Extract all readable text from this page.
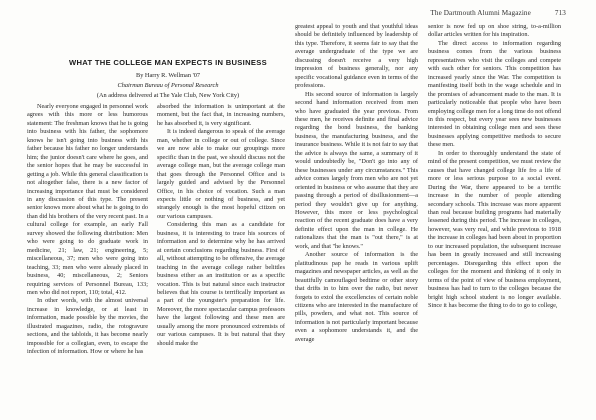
The Dartmouth Alumni Magazine	713
WHAT THE COLLEGE MAN EXPECTS IN BUSINESS
By Harry R. Wellman '07
Chairman Bureau of Personal Research
(An address delivered at The Yale Club, New York City)

Nearly everyone engaged in personnel work agrees with this more or less humorous statement: The freshman knows that he is going into business with his father, the sophomore knows he isn't going into business with his father because his father no longer understands him; the junior doesn't care where he goes, and the senior hopes that he may be successful in getting a job. While this general classification is not altogether false, there is a new factor of increasing importance that must be considered in any discussion of this type. The present senior knows more about what he is going to do than did his brothers of the very recent past. In a cultural college for example, an early Fall survey showed the following distribution: Men who were going to do graduate work in medicine, 21; law, 21; engineering, 5; miscellaneous, 37; men who were going into teaching, 33; men who were already placed in business, 40; miscellaneous, 2; Seniors requiring services of Personnel Bureau, 133; men who did not report, 110; total, 412.

In other words, with the almost universal increase in knowledge, or at least in information, made possible by the movies, the illustrated magazines, radio, the rotogravure sections, and the tabloids, it has become nearly impossible for a collegian, even, to escape the infection of information. How or where he has

absorbed the information is unimportant at the moment, but the fact that, in increasing numbers, he has absorbed it, is very significant.

It is indeed dangerous to speak of the average man, whether in college or out of college. Since we are now able to make our groupings more specific than in the past, we should discuss not the average college man, but the average college man that goes through the Personnel Office and is largely guided and advised by the Personnel Office, in his choice of vocation. Such a man expects little or nothing of business, and yet strangely enough is the most hopeful citizen on our various campuses.

Considering this man as a candidate for business, it is interesting to trace his sources of information and to determine why he has arrived at certain conclusions regarding business. First of all, without attempting to be offensive, the average teaching in the average college rather belittles business either as an institution or as a specific vocation. This is but natural since each instructor believes that his course is terrifically important as a part of the youngster's preparation for life. Moreover, the more spectacular campus professors have the largest following and these men are usually among the more pronounced extremists of our various campuses. It is but natural that they should make the

greatest appeal to youth and that youthful ideas should be definitely influenced by leadership of this type. Therefore, it seems fair to say that the average undergraduate of the type we are discussing doesn't receive a very high impression of business generally, nor any specific vocational guidance even in terms of the professions.

His second source of information is largely second hand information received from men who have graduated the year previous. From these men, he receives definite and final advice regarding the bond business, the banking business, the manufacturing business, and the insurance business. While it is not fair to say that the advice is always the same, a summary of it would undoubtedly be, "Don't go into any of these businesses under any circumstances." This advice comes largely from men who are not yet oriented in business or who assume that they are passing through a period of disillusionment—a period they wouldn't give up for anything. However, this more or less psychological reaction of the recent graduate does have a very definite effect upon the man in college. He rationalizes that the man is "out there," is at work, and that "he knows."

Another source of information is the platitudinous pap he reads in various uplift magazines and newspaper articles, as well as the beautifully camouflaged bedtime or other story that drifts in to him over the radio, but never forgets to extol the excellencies of certain noble citizens who are interested in the manufacture of pills, powders, and what not. This source of information is not particularly important because even a sophomore understands it, and the average

senior is now fed up on shoe string, to-a-million dollar articles written for his inspiration.

The direct access to information regarding business comes from the various business representatives who visit the colleges and compete with each other for seniors. This competition has increased yearly since the War. The competition is manifesting itself both in the wage schedule and in the promises of advancement made to the man. It is particularly noticeable that people who have been employing college men for a long time do not offend in this respect, but every year sees new businesses interested in obtaining college men and sees these businesses applying competitive methods to secure these men.

In order to thoroughly understand the state of mind of the present competition, we must review the causes that have changed college life fro a life of more or less serious purpose to a social event. During the War, there appeared to be a terrific increase in the number of people attending secondary schools. This increase was more apparent than real because building programs had materially lessened during this period. The increase in colleges, however, was very real, and while previous to 1918 the increase in colleges had been about in proportion to our increased population, the subsequent increase has been in greatly increased and still increasing percentages. Disregarding this effect upon the colleges for the moment and thinking of it only in terms of the point of view of business employment, business has had to turn to the colleges because the bright high school student is no longer available. Since it has become the thing to do to go to college,
